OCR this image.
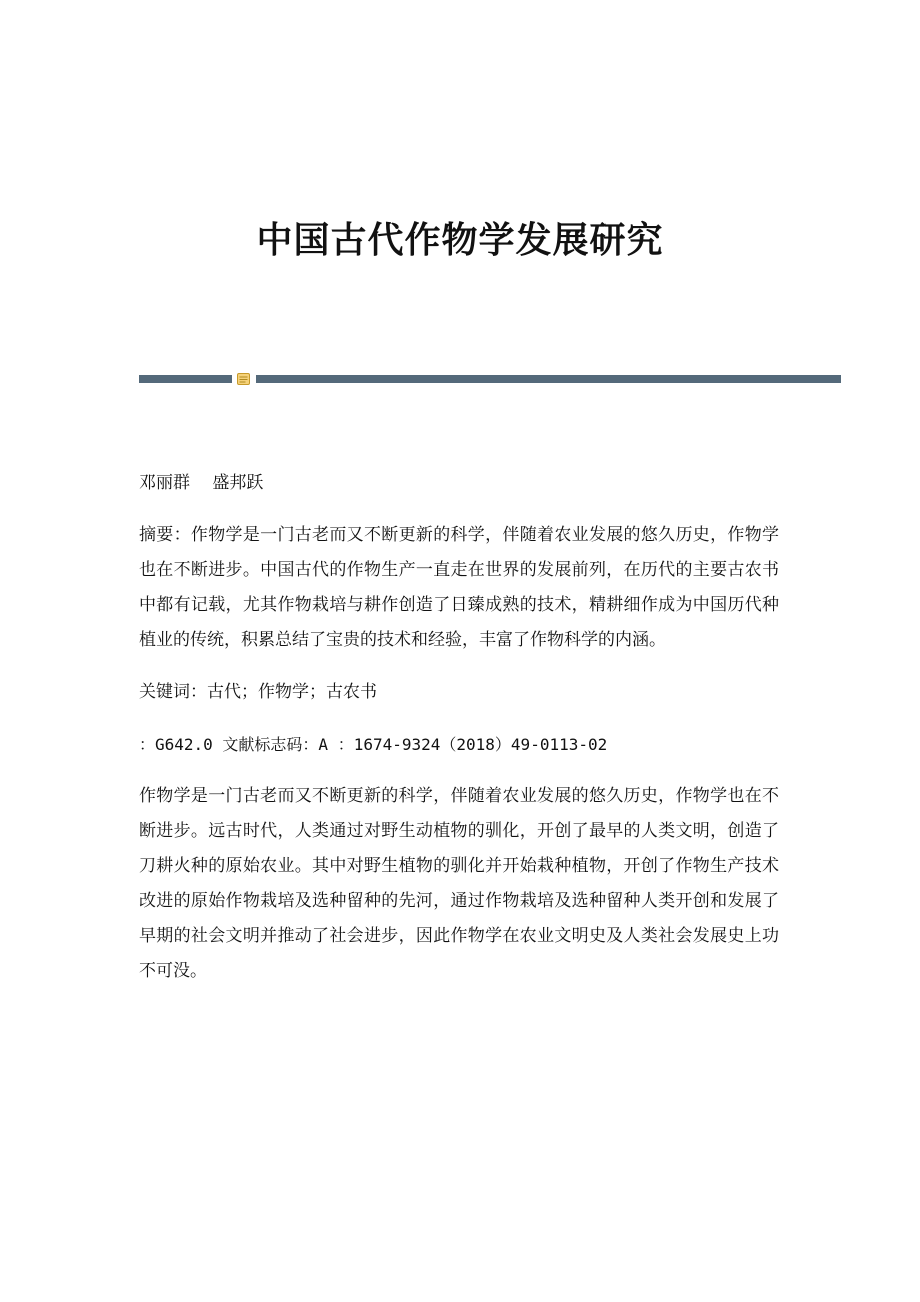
中国古代作物学发展研究

邓丽群　 盛邦跃

摘要：作物学是一门古老而又不断更新的科学，伴随着农业发展的悠久历史，作物学也在不断进步。中国古代的作物生产一直走在世界的发展前列，在历代的主要古农书中都有记载，尤其作物栽培与耕作创造了日臻成熟的技术，精耕细作成为中国历代种植业的传统，积累总结了宝贵的技术和经验，丰富了作物科学的内涵。

关键词：古代；作物学；古农书

：G642.0 文献标志码：A ：1674-9324（2018）49-0113-02

作物学是一门古老而又不断更新的科学，伴随着农业发展的悠久历史，作物学也在不断进步。远古时代，人类通过对野生动植物的驯化，开创了最早的人类文明，创造了刀耕火种的原始农业。其中对野生植物的驯化并开始栽种植物，开创了作物生产技术改进的原始作物栽培及选种留种的先河，通过作物栽培及选种留种人类开创和发展了早期的社会文明并推动了社会进步，因此作物学在农业文明史及人类社会发展史上功不可没。
